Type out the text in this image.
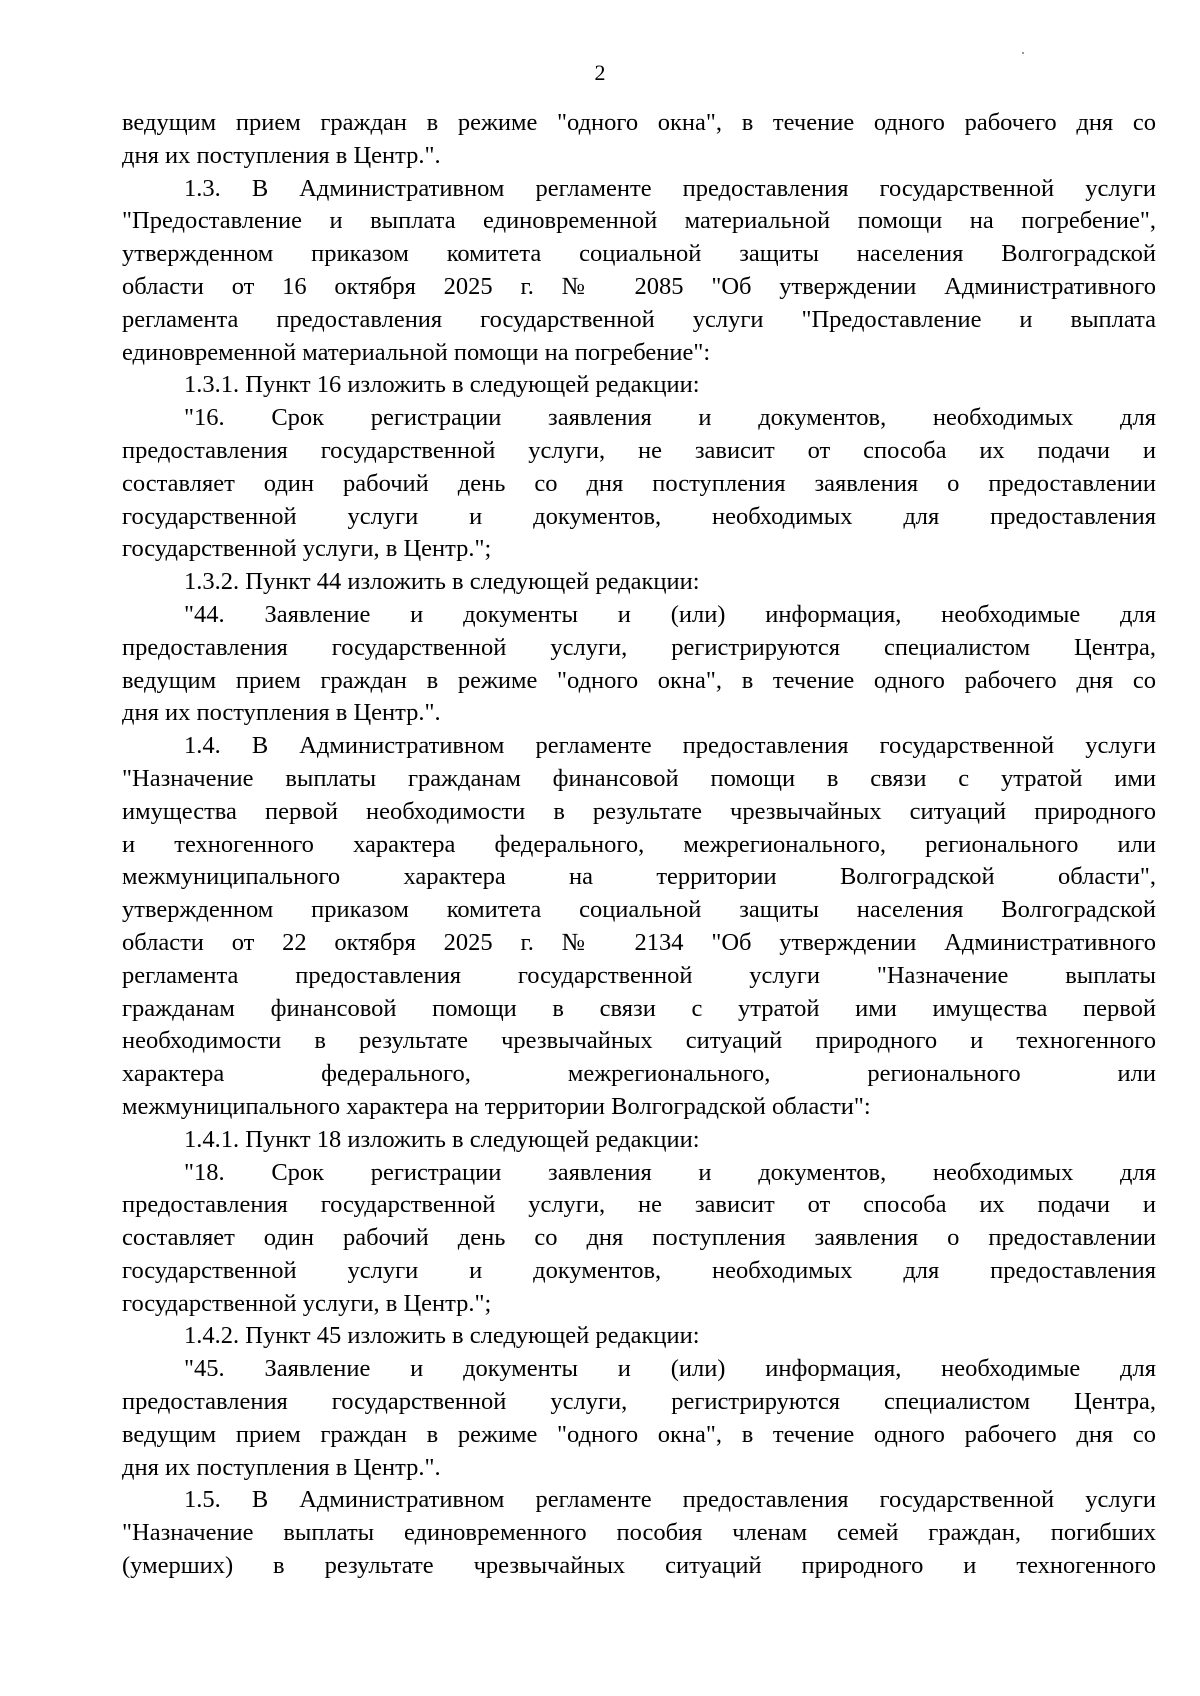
2
ведущим прием граждан в режиме "одного окна", в течение одного рабочего дня со
дня их поступления в Центр.".
1.3. В Административном регламенте предоставления государственной услуги
"Предоставление и выплата единовременной материальной помощи на погребение",
утвержденном приказом комитета социальной защиты населения Волгоградской
области от 16 октября 2025 г. № 2085 "Об утверждении Административного
регламента предоставления государственной услуги "Предоставление и выплата
единовременной материальной помощи на погребение":
1.3.1. Пункт 16 изложить в следующей редакции:
"16. Срок регистрации заявления и документов, необходимых для
предоставления государственной услуги, не зависит от способа их подачи и
составляет один рабочий день со дня поступления заявления о предоставлении
государственной услуги и документов, необходимых для предоставления
государственной услуги, в Центр.";
1.3.2. Пункт 44 изложить в следующей редакции:
"44. Заявление и документы и (или) информация, необходимые для
предоставления государственной услуги, регистрируются специалистом Центра,
ведущим прием граждан в режиме "одного окна", в течение одного рабочего дня со
дня их поступления в Центр.".
1.4. В Административном регламенте предоставления государственной услуги
"Назначение выплаты гражданам финансовой помощи в связи с утратой ими
имущества первой необходимости в результате чрезвычайных ситуаций природного
и техногенного характера федерального, межрегионального, регионального или
межмуниципального характера на территории Волгоградской области",
утвержденном приказом комитета социальной защиты населения Волгоградской
области от 22 октября 2025 г. № 2134 "Об утверждении Административного
регламента предоставления государственной услуги "Назначение выплаты
гражданам финансовой помощи в связи с утратой ими имущества первой
необходимости в результате чрезвычайных ситуаций природного и техногенного
характера федерального, межрегионального, регионального или
межмуниципального характера на территории Волгоградской области":
1.4.1. Пункт 18 изложить в следующей редакции:
"18. Срок регистрации заявления и документов, необходимых для
предоставления государственной услуги, не зависит от способа их подачи и
составляет один рабочий день со дня поступления заявления о предоставлении
государственной услуги и документов, необходимых для предоставления
государственной услуги, в Центр.";
1.4.2. Пункт 45 изложить в следующей редакции:
"45. Заявление и документы и (или) информация, необходимые для
предоставления государственной услуги, регистрируются специалистом Центра,
ведущим прием граждан в режиме "одного окна", в течение одного рабочего дня со
дня их поступления в Центр.".
1.5. В Административном регламенте предоставления государственной услуги
"Назначение выплаты единовременного пособия членам семей граждан, погибших
(умерших) в результате чрезвычайных ситуаций природного и техногенного
